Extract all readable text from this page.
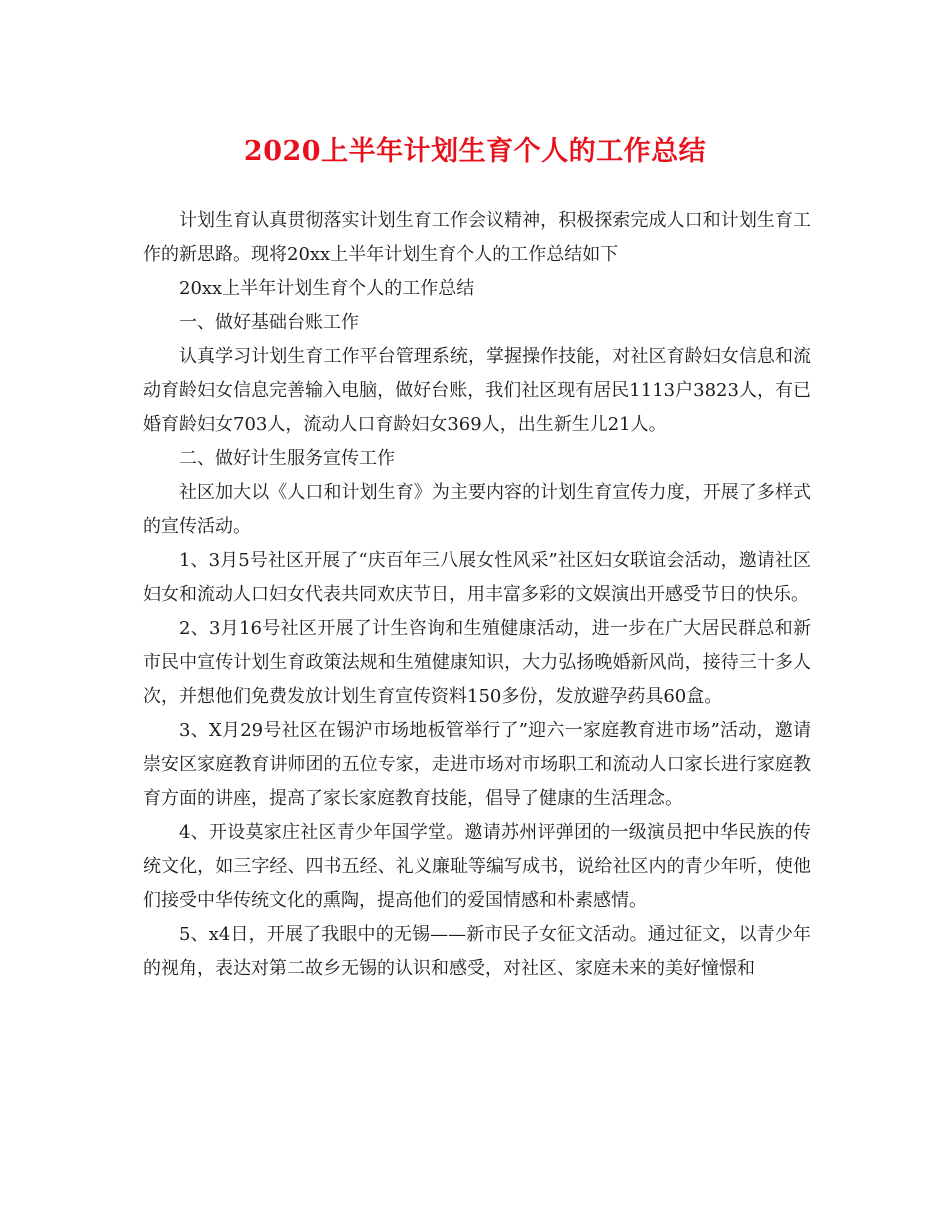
2020上半年计划生育个人的工作总结

计划生育认真贯彻落实计划生育工作会议精神，积极探索完成人口和计划生育工作的新思路。现将20xx上半年计划生育个人的工作总结如下

20xx上半年计划生育个人的工作总结

一、做好基础台账工作

认真学习计划生育工作平台管理系统，掌握操作技能，对社区育龄妇女信息和流动育龄妇女信息完善输入电脑，做好台账，我们社区现有居民1113户3823人，有已婚育龄妇女703人，流动人口育龄妇女369人，出生新生儿21人。

二、做好计生服务宣传工作

社区加大以《人口和计划生育》为主要内容的计划生育宣传力度，开展了多样式的宣传活动。

1、3月5号社区开展了“庆百年三八展女性风采”社区妇女联谊会活动，邀请社区妇女和流动人口妇女代表共同欢庆节日，用丰富多彩的文娱演出开感受节日的快乐。

2、3月16号社区开展了计生咨询和生殖健康活动，进一步在广大居民群总和新市民中宣传计划生育政策法规和生殖健康知识，大力弘扬晚婚新风尚，接待三十多人次，并想他们免费发放计划生育宣传资料150多份，发放避孕药具60盒。

3、X月29号社区在锡沪市场地板管举行了”迎六一家庭教育进市场”活动，邀请崇安区家庭教育讲师团的五位专家，走进市场对市场职工和流动人口家长进行家庭教育方面的讲座，提高了家长家庭教育技能，倡导了健康的生活理念。

4、开设莫家庄社区青少年国学堂。邀请苏州评弹团的一级演员把中华民族的传统文化，如三字经、四书五经、礼义廉耻等编写成书，说给社区内的青少年听，使他们接受中华传统文化的熏陶，提高他们的爱国情感和朴素感情。

5、x4日，开展了我眼中的无锡——新市民子女征文活动。通过征文，以青少年的视角，表达对第二故乡无锡的认识和感受，对社区、家庭未来的美好憧憬和
